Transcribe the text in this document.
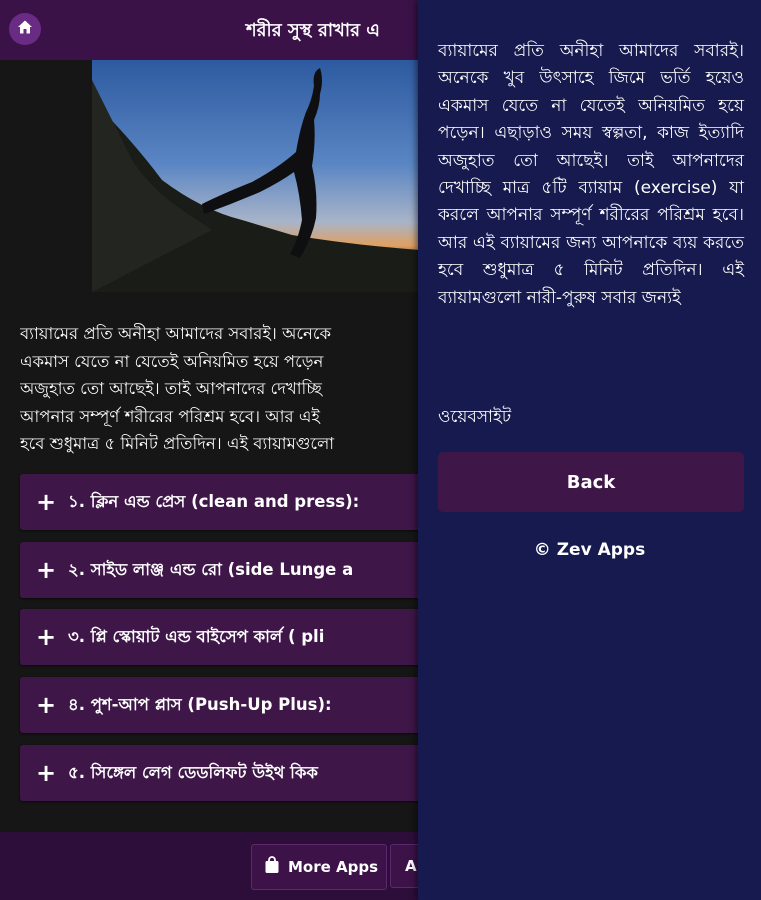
শরীর সুস্থ রাখার এ
ব্যায়ামের প্রতি অনীহা আমাদের সবারই। অনেকে
একমাস যেতে না যেতেই অনিয়মিত হয়ে পড়েন
অজুহাত তো আছেই। তাই আপনাদের দেখাচ্ছি
আপনার সম্পূর্ণ শরীরের পরিশ্রম হবে। আর এই
হবে শুধুমাত্র ৫ মিনিট প্রতিদিন। এই ব্যায়ামগুলো
+ ১. ক্লিন এন্ড প্রেস (clean and press):
+ ২. সাইড লাঞ্জ এন্ড রো (side Lunge a
+ ৩. প্লি স্কোয়াট এন্ড বাইসেপ কার্ল ( pli
+ ৪. পুশ-আপ প্লাস (Push-Up Plus):
+ ৫. সিঙ্গেল লেগ ডেডলিফট উইথ কিক
More Apps A
ব্যায়ামের প্রতি অনীহা আমাদের সবারই। অনেকে খুব উৎসাহে জিমে ভর্তি হয়েও একমাস যেতে না যেতেই অনিয়মিত হয়ে পড়েন। এছাড়াও সময় স্বল্পতা, কাজ ইত্যাদি অজুহাত তো আছেই। তাই আপনাদের দেখাচ্ছি মাত্র ৫টি ব্যায়াম (exercise) যা করলে আপনার সম্পূর্ণ শরীরের পরিশ্রম হবে। আর এই ব্যায়ামের জন্য আপনাকে ব্যয় করতে হবে শুধুমাত্র ৫ মিনিট প্রতিদিন। এই ব্যায়ামগুলো নারী-পুরুষ সবার জন্যই
ওয়েবসাইট
Back
© Zev Apps
